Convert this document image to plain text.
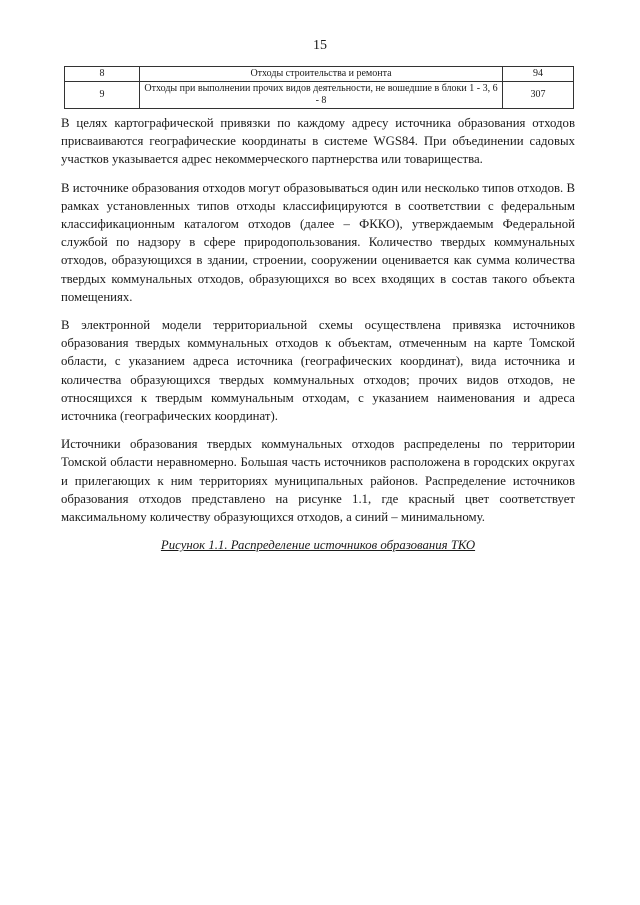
15
8	Отходы строительства и ремонта	94
9	Отходы при выполнении прочих видов деятельности, не вошедшие в блоки 1 - 3, 6 - 8	307

В целях картографической привязки по каждому адресу источника образования отходов присваиваются географические координаты в системе WGS84. При объединении садовых участков указывается адрес некоммерческого партнерства или товарищества.

В источнике образования отходов могут образовываться один или несколько типов отходов. В рамках установленных типов отходы классифицируются в соответствии с федеральным классификационным каталогом отходов (далее – ФККО), утверждаемым Федеральной службой по надзору в сфере природопользования. Количество твердых коммунальных отходов, образующихся в здании, строении, сооружении оценивается как сумма количества твердых коммунальных отходов, образующихся во всех входящих в состав такого объекта помещениях.

В электронной модели территориальной схемы осуществлена привязка источников образования твердых коммунальных отходов к объектам, отмеченным на карте Томской области, с указанием адреса источника (географических координат), вида источника и количества образующихся твердых коммунальных отходов; прочих видов отходов, не относящихся к твердым коммунальным отходам, с указанием наименования и адреса источника (географических координат).

Источники образования твердых коммунальных отходов распределены по территории Томской области неравномерно. Большая часть источников расположена в городских округах и прилегающих к ним территориях муниципальных районов. Распределение источников образования отходов представлено на рисунке 1.1, где красный цвет соответствует максимальному количеству образующихся отходов, а синий – минимальному.

Рисунок 1.1. Распределение источников образования ТКО
